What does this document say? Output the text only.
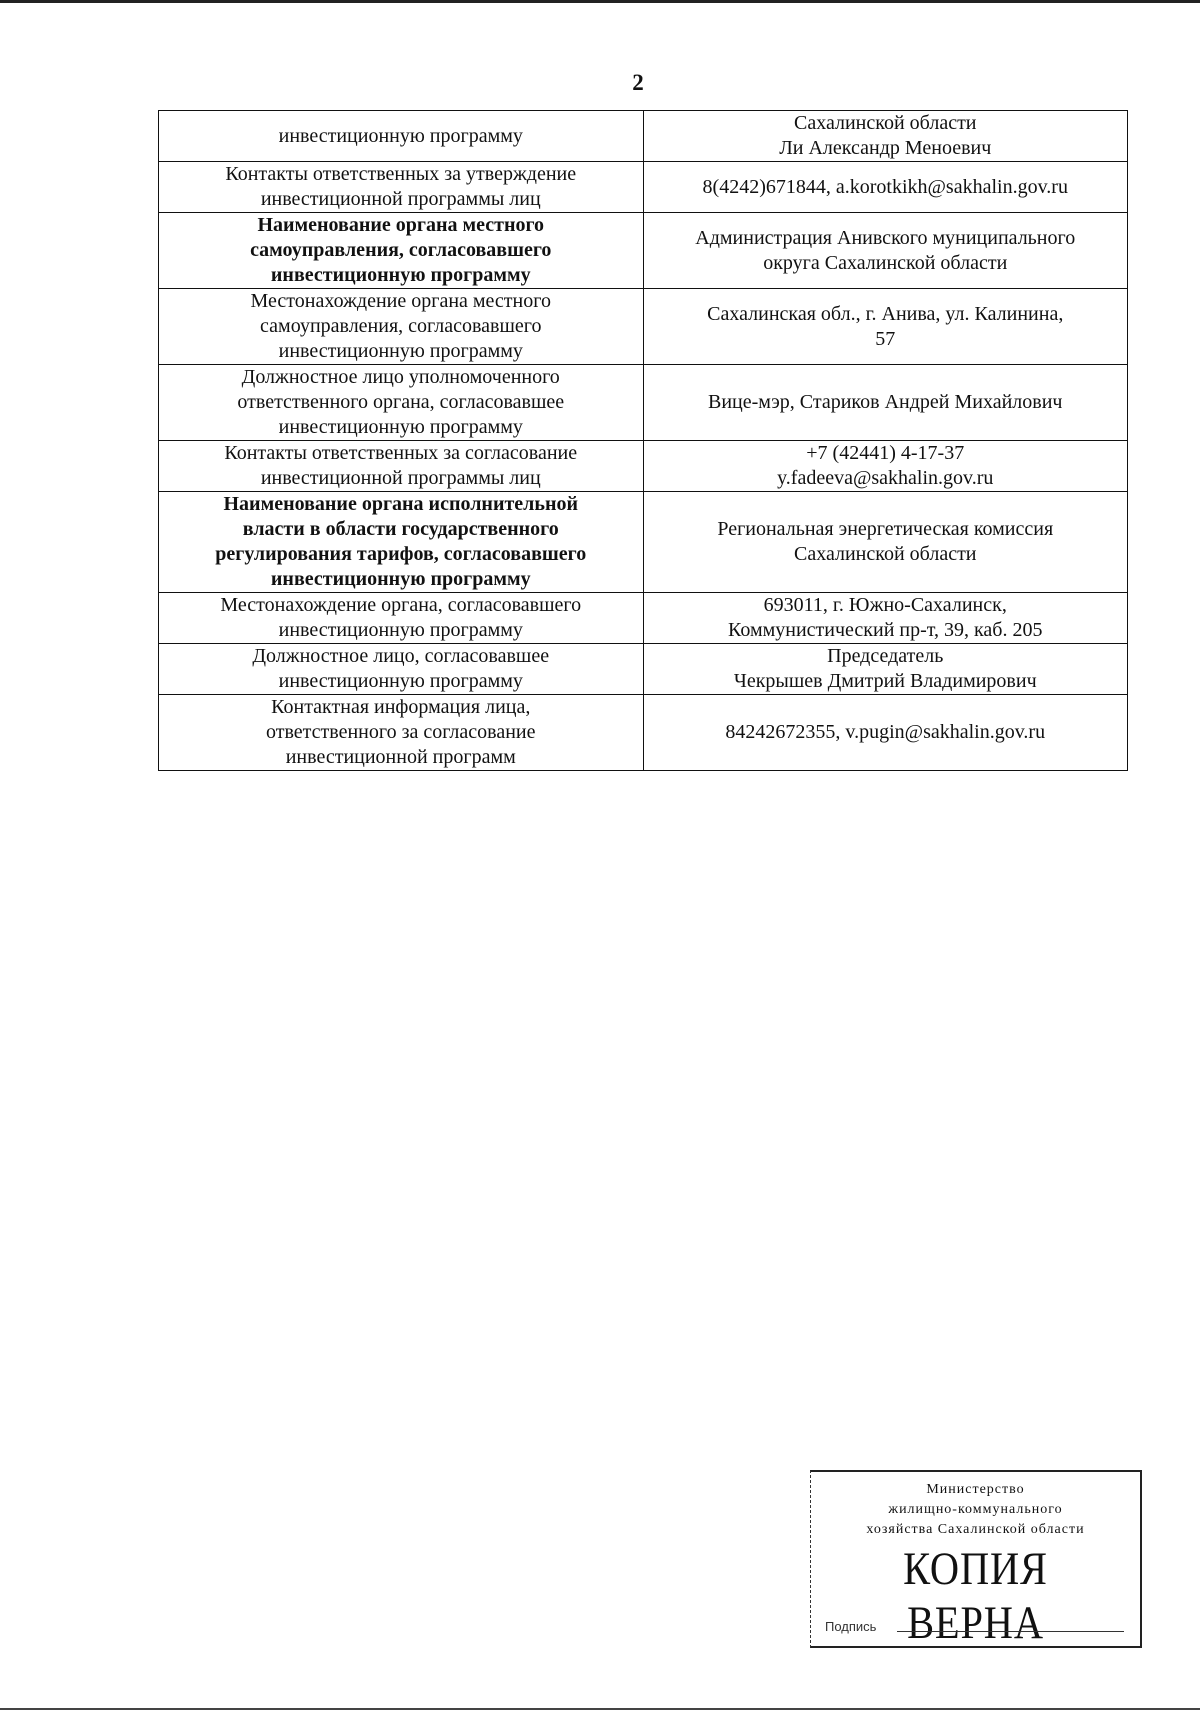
2
инвестиционную программу	Сахалинской области
Ли Александр Меноевич

Контакты ответственных за утверждение
инвестиционной программы лиц	8(4242)671844, a.korotkikh@sakhalin.gov.ru

Наименование органа местного
самоуправления, согласовавшего
инвестиционную программу	Администрация Анивского муниципального
округа Сахалинской области

Местонахождение органа местного
самоуправления, согласовавшего
инвестиционную программу	Сахалинская обл., г. Анива, ул. Калинина,
57

Должностное лицо уполномоченного
ответственного органа, согласовавшее
инвестиционную программу	Вице-мэр, Стариков Андрей Михайлович

Контакты ответственных за согласование
инвестиционной программы лиц	+7 (42441) 4-17-37
y.fadeeva@sakhalin.gov.ru

Наименование органа исполнительной
власти в области государственного
регулирования тарифов, согласовавшего
инвестиционную программу	Региональная энергетическая комиссия
Сахалинской области

Местонахождение органа, согласовавшего
инвестиционную программу	693011, г. Южно-Сахалинск,
Коммунистический пр-т, 39, каб. 205

Должностное лицо, согласовавшее
инвестиционную программу	Председатель
Чекрышев Дмитрий Владимирович

Контактная информация лица,
ответственного за согласование
инвестиционной программ	84242672355, v.pugin@sakhalin.gov.ru
Министерство
жилищно-коммунального
хозяйства Сахалинской области
КОПИЯ ВЕРНА
Подпись
